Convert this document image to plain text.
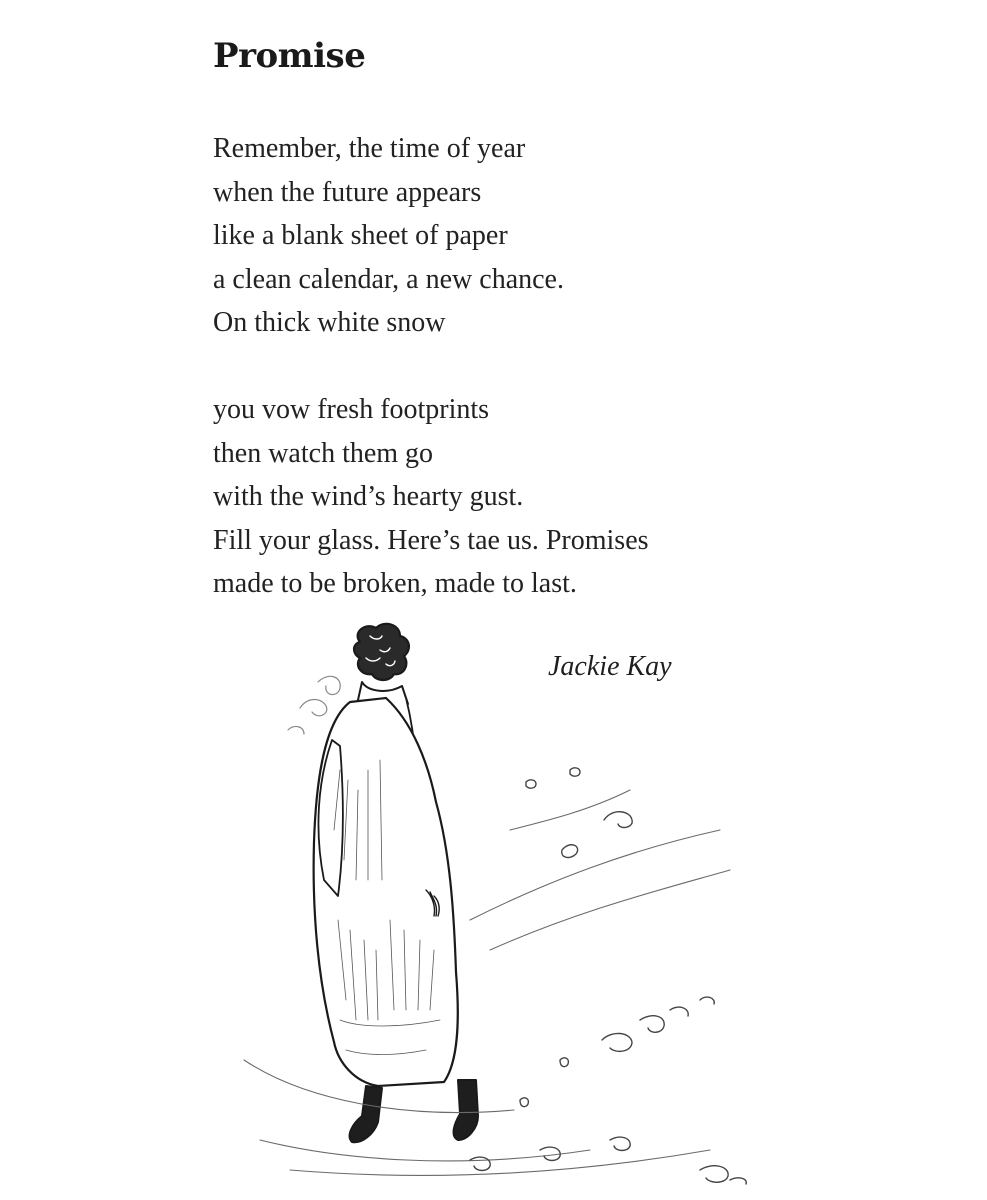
Promise
Remember, the time of year
when the future appears
like a blank sheet of paper
a clean calendar, a new chance.
On thick white snow
you vow fresh footprints
then watch them go
with the wind’s hearty gust.
Fill your glass. Here’s tae us. Promises
made to be broken, made to last.

Jackie Kay
